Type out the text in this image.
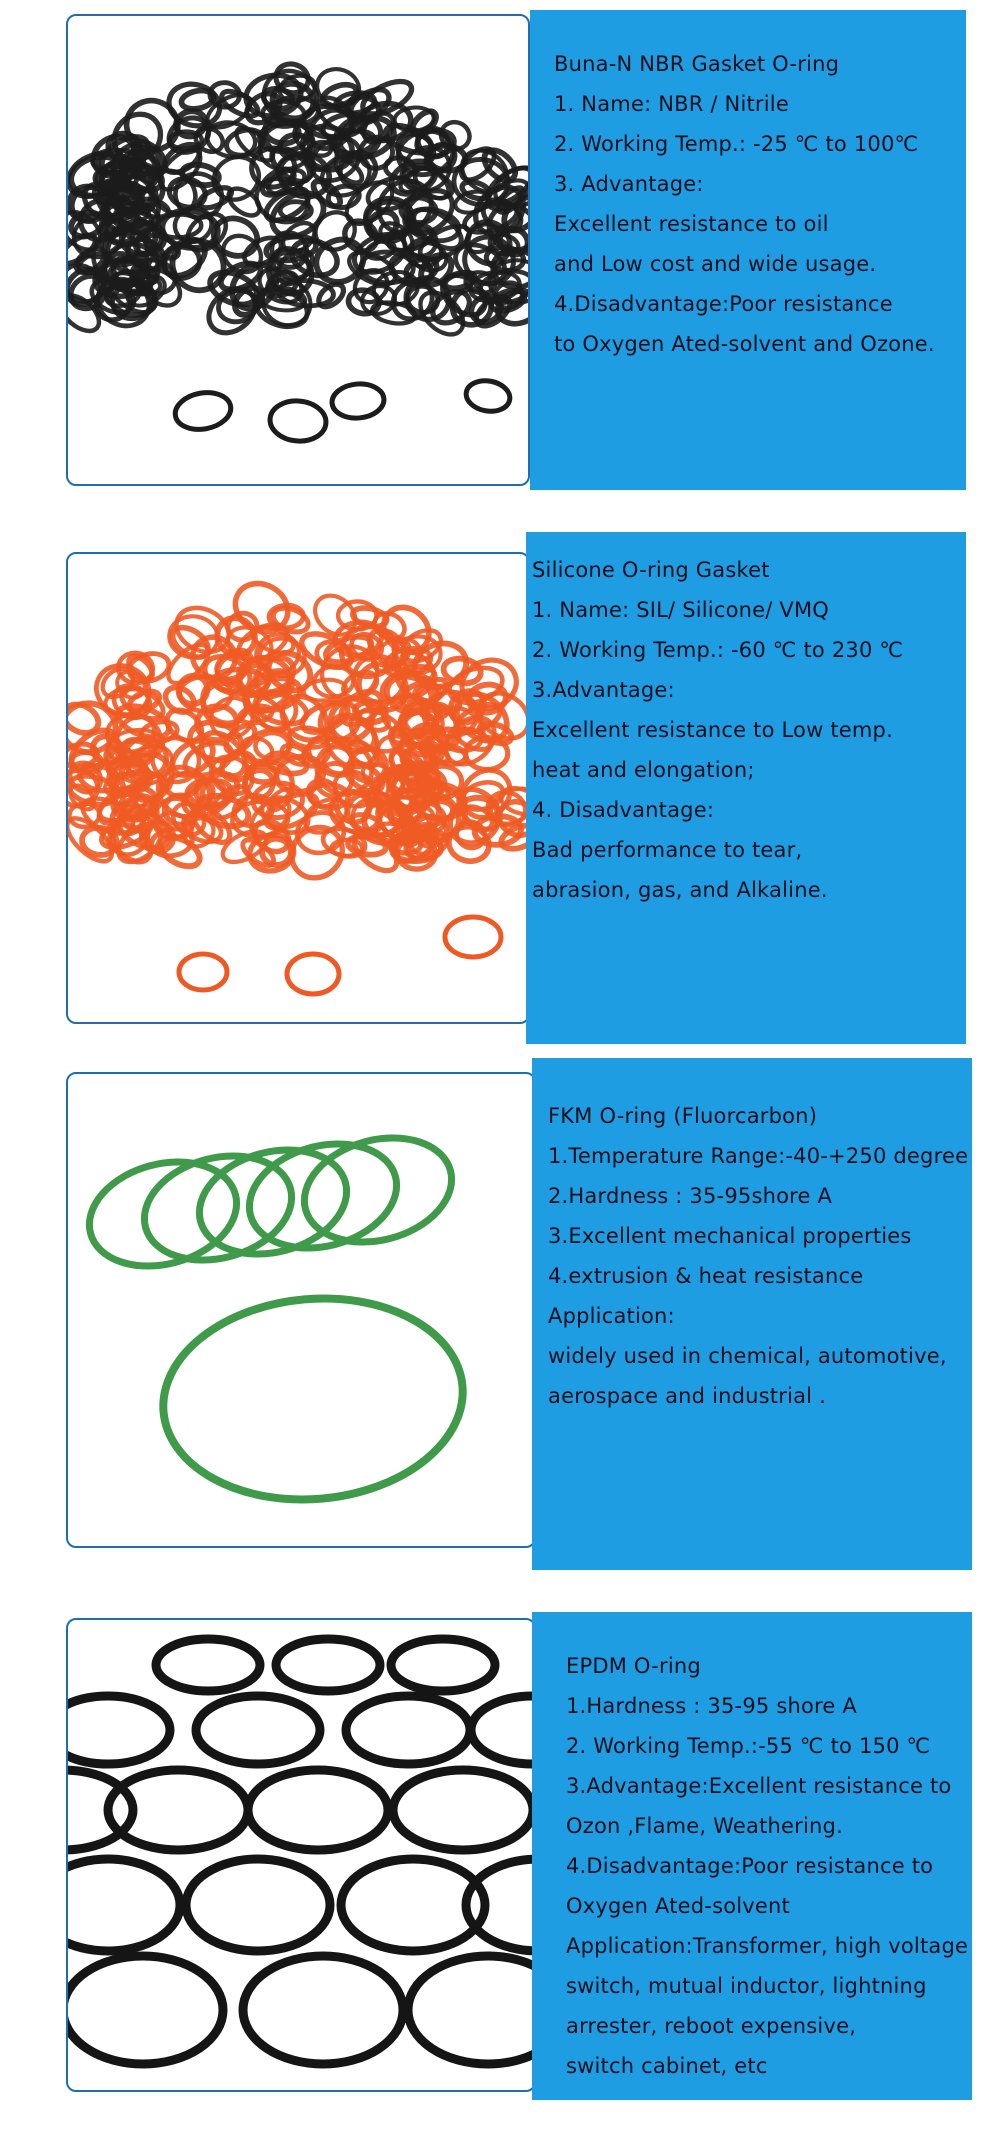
Buna-N NBR Gasket O-ring
1. Name: NBR / Nitrile
2. Working Temp.: -25 ℃ to 100℃
3. Advantage:
Excellent resistance to oil
and Low cost and wide usage.
4.Disadvantage:Poor resistance
to Oxygen Ated-solvent and Ozone.
Silicone O-ring Gasket
1. Name: SIL/ Silicone/ VMQ
2. Working Temp.: -60 ℃ to 230 ℃
3.Advantage:
Excellent resistance to Low temp.
heat and elongation;
4. Disadvantage:
Bad performance to tear,
abrasion, gas, and Alkaline.
FKM O-ring (Fluorcarbon)
1.Temperature Range:-40-+250 degree
2.Hardness : 35-95shore A
3.Excellent mechanical properties
4.extrusion & heat resistance
Application:
widely used in chemical, automotive,
aerospace and industrial .
EPDM O-ring
1.Hardness : 35-95 shore A
2. Working Temp.:-55 ℃ to 150 ℃
3.Advantage:Excellent resistance to
Ozon ,Flame, Weathering.
4.Disadvantage:Poor resistance to
Oxygen Ated-solvent
Application:Transformer, high voltage
switch, mutual inductor, lightning
arrester, reboot expensive,
switch cabinet, etc
